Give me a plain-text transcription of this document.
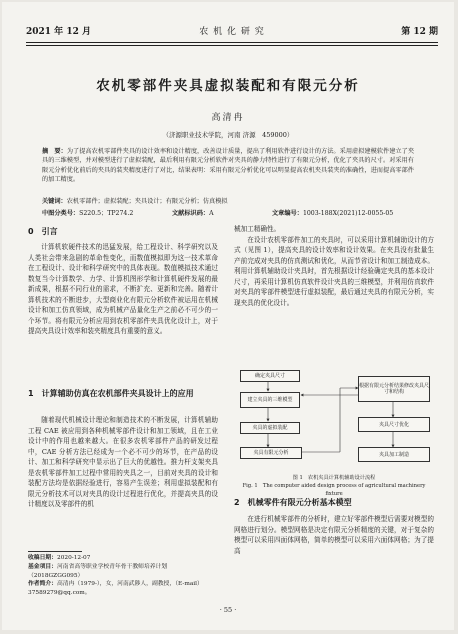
2021 年 12 月	农 机 化 研 究	第 12 期
农机零部件夹具虚拟装配和有限元分析
高清冉
（济源职业技术学院，河南 济源　459000）
摘　要：为了提高农机零部件夹具的设计效率和设计精度，改善设计质量，提出了利用软件进行设计的方法。采用虚拟建模软件建立了夹具的三维模型，并对模型进行了虚拟装配，最后利用有限元分析软件对夹具的静力特性进行了有限元分析，优化了夹具的尺寸。对采用有限元分析优化前后的夹具的装夹精度进行了对比，结果表明：采用有限元分析优化可以明显提高农机夹具装夹的准确性，进而提高零部件的加工精度。
关键词：农机零部件；虚拟装配；夹具设计；有限元分析；仿真模拟
中图分类号：S220.5；TP274.2	文献标识码：A	文章编号：1003-188X(2021)12-0055-05
0　引言

计算机软硬件技术的迅猛发展，给工程设计、科学研究以及人类社会带来急剧的革命性变化，而数值模拟即为这一技术革命在工程设计、设计和科学研究中的具体表现。数值模拟技术通过数复当今计算数学、力学、计算机图形学和计算机硬件发展的最新成果，根据不同行业的需求，不断扩充、更新和完善。随着计算机技术的不断进步，大型商业化有限元分析软件被运用在机械设计和加工仿真领域，成为机械产品量化生产之前必不可少的一个环节。将有限元分析应用到农机零部件夹具优化设计上，对于提高夹具设计效率和装夹精度具有重要的意义。

1　计算辅助仿真在农机部件夹具设计上的应用

随着现代机械设计理论和制造技术的不断发展，计算机辅助工程 CAE 被应用到各种机械零部件设计和加工领域，且在工业设计中的作用也越来越大。在很多农机零部件产品的研发过程中，CAE 分析方法已经成为一个必不可少的环节，在产品的设计、加工和科学研究中显示出了巨大的优越性。推力杆支架夹具是农机零部件加工过程中常用的夹具之一，目前对夹具的设计和装配方法均是依据经验进行，容易产生误差；利用虚拟装配和有限元分析技术可以对夹具的设计过程进行优化，并提高夹具的设计精度以及零部件的机

收稿日期：2020-12-07
基金项目：河南省高等职业学校青年骨干教师培养计划（2018GZGG095）
作者简介：高清冉（1979-），女，河南武陟人，副教授，（E-mail）37589279@qq.com。

械加工精确性。

在设计农机零部件加工的夹具时，可以采用计算机辅助设计的方式（见图 1），提高夹具的设计效率和设计效果。在夹具没有批量生产前完成对夹具的仿真测试和优化，从而节省设计和加工制造成本。利用计算机辅助设计夹具时，首先根据设计经验确定夹具的基本设计尺寸，再采用计算机仿真软件设计夹具的三维模型，并利用仿真软件对夹具的零部件模型进行虚拟装配，最后通过夹具的有限元分析，实现夹具的优化设计。

确定夹具尺寸
建立夹具的三维模型
夹具的虚拟装配
夹具有限元分析
根据有限元分析结果修改夹具尺寸和结构
夹具尺寸优化
夹具加工制造
图 1　农机夹具计算机辅助设计流程
Fig. 1　The computer aided design process of agricultural machinery fixture
2　机械零件有限元分析基本模型

在进行机械零部件的分析时，建立好零部件模型后需要对模型的网格进行划分。模型网格是决定有限元分析精度的关键，对于复杂的模型可以采用四面体网格，简单的模型可以采用六面体网格；为了提高

· 55 ·
